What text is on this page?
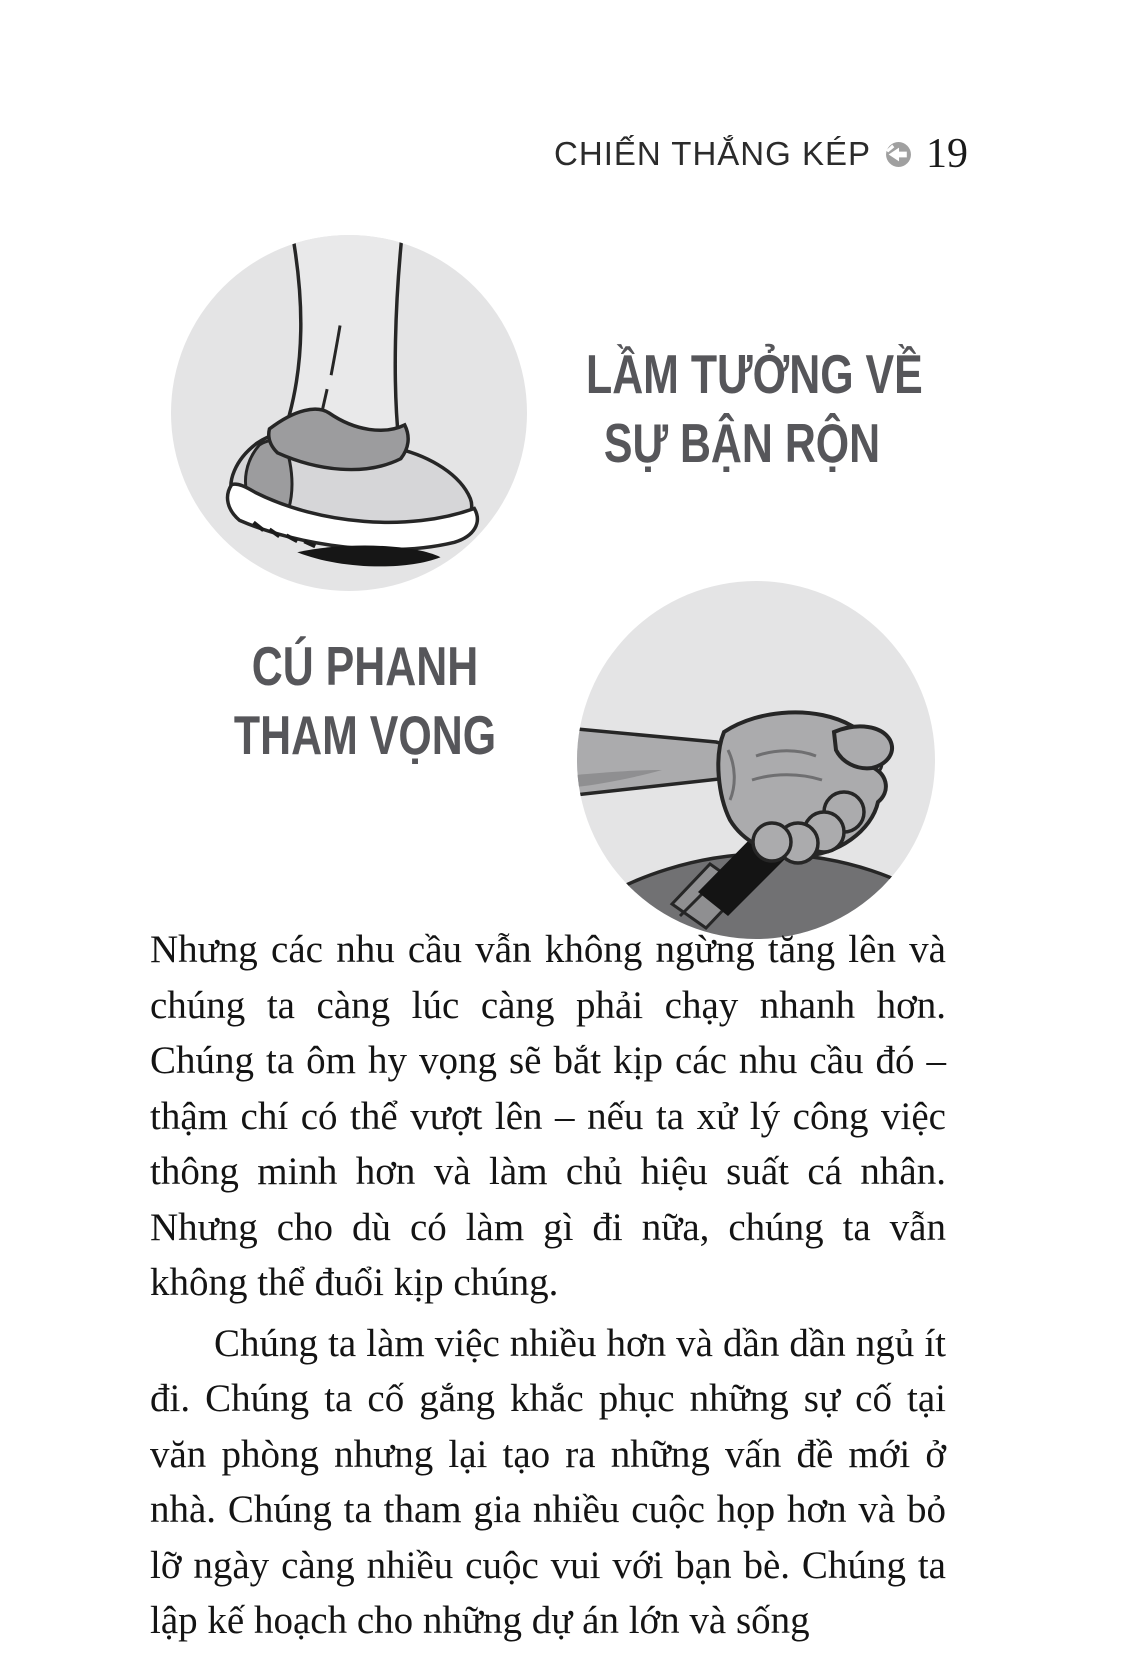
CHIẾN THẮNG KÉP 19
LẦM TƯỞNG VỀ
SỰ BẬN RỘN
CÚ PHANH
THAM VỌNG

Nhưng các nhu cầu vẫn không ngừng tăng lên và chúng ta càng lúc càng phải chạy nhanh hơn. Chúng ta ôm hy vọng sẽ bắt kịp các nhu cầu đó – thậm chí có thể vượt lên – nếu ta xử lý công việc thông minh hơn và làm chủ hiệu suất cá nhân. Nhưng cho dù có làm gì đi nữa, chúng ta vẫn không thể đuổi kịp chúng.

Chúng ta làm việc nhiều hơn và dần dần ngủ ít đi. Chúng ta cố gắng khắc phục những sự cố tại văn phòng nhưng lại tạo ra những vấn đề mới ở nhà. Chúng ta tham gia nhiều cuộc họp hơn và bỏ lỡ ngày càng nhiều cuộc vui với bạn bè. Chúng ta lập kế hoạch cho những dự án lớn và sống
